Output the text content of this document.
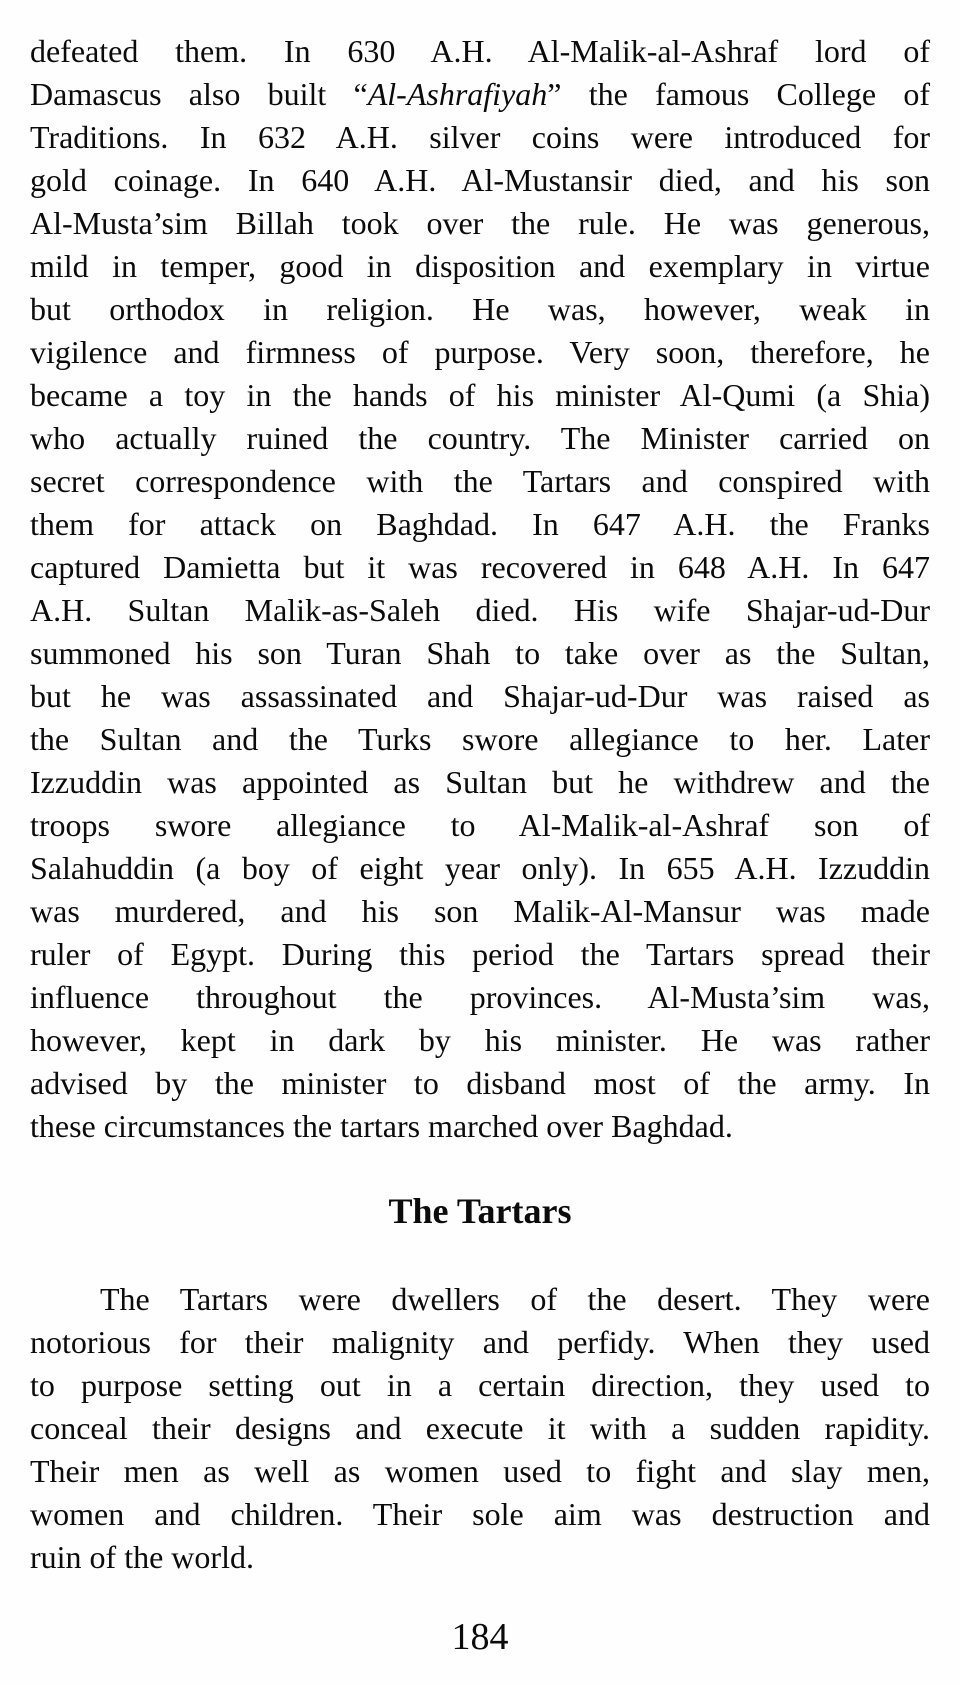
defeated them. In 630 A.H. Al-Malik-al-Ashraf lord of
Damascus also built “Al-Ashrafiyah” the famous College of
Traditions. In 632 A.H. silver coins were introduced for
gold coinage. In 640 A.H. Al-Mustansir died, and his son
Al-Musta’sim Billah took over the rule. He was generous,
mild in temper, good in disposition and exemplary in virtue
but orthodox in religion. He was, however, weak in
vigilence and firmness of purpose. Very soon, therefore, he
became a toy in the hands of his minister Al-Qumi (a Shia)
who actually ruined the country. The Minister carried on
secret correspondence with the Tartars and conspired with
them for attack on Baghdad. In 647 A.H. the Franks
captured Damietta but it was recovered in 648 A.H. In 647
A.H. Sultan Malik-as-Saleh died. His wife Shajar-ud-Dur
summoned his son Turan Shah to take over as the Sultan,
but he was assassinated and Shajar-ud-Dur was raised as
the Sultan and the Turks swore allegiance to her. Later
Izzuddin was appointed as Sultan but he withdrew and the
troops swore allegiance to Al-Malik-al-Ashraf son of
Salahuddin (a boy of eight year only). In 655 A.H. Izzuddin
was murdered, and his son Malik-Al-Mansur was made
ruler of Egypt. During this period the Tartars spread their
influence throughout the provinces. Al-Musta’sim was,
however, kept in dark by his minister. He was rather
advised by the minister to disband most of the army. In
these circumstances the tartars marched over Baghdad.
The Tartars
The Tartars were dwellers of the desert. They were
notorious for their malignity and perfidy. When they used
to purpose setting out in a certain direction, they used to
conceal their designs and execute it with a sudden rapidity.
Their men as well as women used to fight and slay men,
women and children. Their sole aim was destruction and
ruin of the world.
184
